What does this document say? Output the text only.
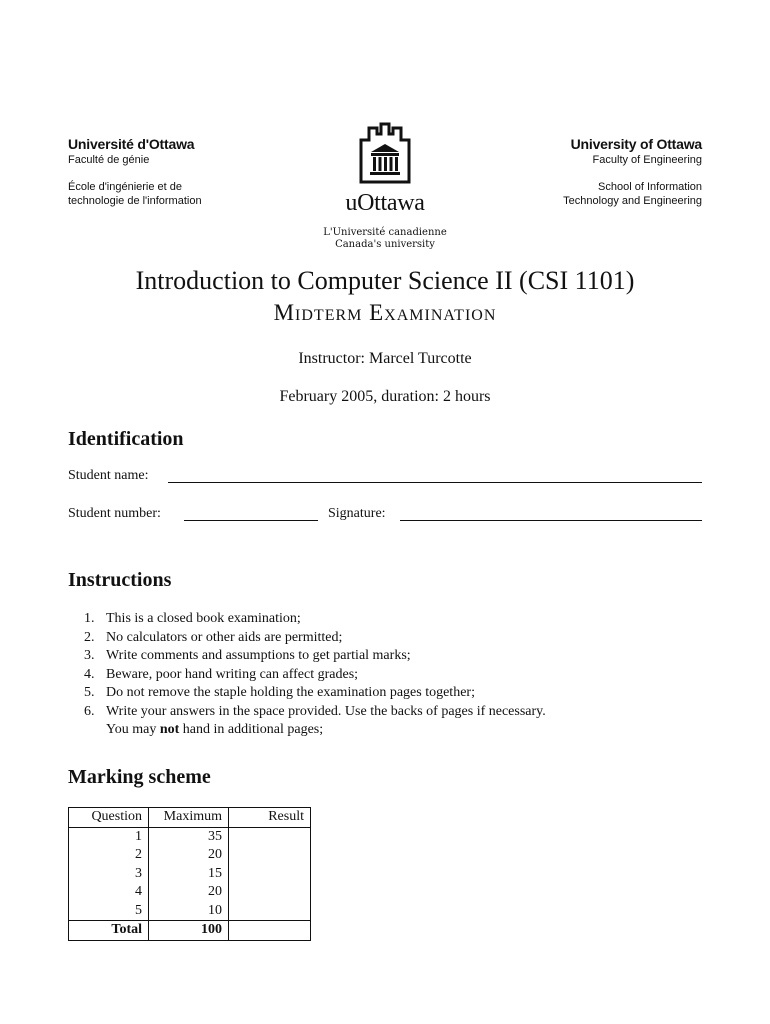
Université d'Ottawa
Faculté de génie
École d'ingénierie et de
technologie de l'information	uOttawa
L'Université canadienne
Canada's university
University of Ottawa
Faculty of Engineering
School of Information
Technology and Engineering
Introduction to Computer Science II (CSI 1101)
Midterm Examination
Instructor: Marcel Turcotte
February 2005, duration: 2 hours
Identification
Student name:
Student number:	Signature:
Instructions
1. This is a closed book examination;
2. No calculators or other aids are permitted;
3. Write comments and assumptions to get partial marks;
4. Beware, poor hand writing can affect grades;
5. Do not remove the staple holding the examination pages together;
6. Write your answers in the space provided. Use the backs of pages if necessary.
You may not hand in additional pages;
Marking scheme
Question	Maximum	Result
1	35	
2	20	
3	15	
4	20	
5	10	
Total	100	
